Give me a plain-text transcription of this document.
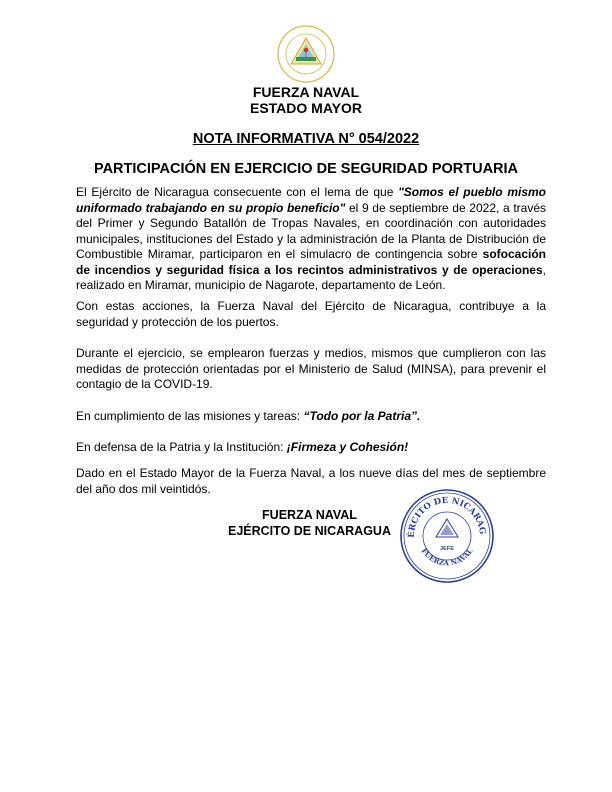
FUERZA NAVAL
ESTADO MAYOR
NOTA INFORMATIVA N° 054/2022
PARTICIPACIÓN EN EJERCICIO DE SEGURIDAD PORTUARIA
El Ejército de Nicaragua consecuente con el lema de que "Somos el pueblo mismo uniformado trabajando en su propio beneficio" el 9 de septiembre de 2022, a través del Primer y Segundo Batallón de Tropas Navales, en coordinación con autoridades municipales, instituciones del Estado y la administración de la Planta de Distribución de Combustible Miramar, participaron en el simulacro de contingencia sobre sofocación de incendios y seguridad física a los recintos administrativos y de operaciones, realizado en Miramar, municipio de Nagarote, departamento de León.
Con estas acciones, la Fuerza Naval del Ejército de Nicaragua, contribuye a la seguridad y protección de los puertos.
Durante el ejercicio, se emplearon fuerzas y medios, mismos que cumplieron con las medidas de protección orientadas por el Ministerio de Salud (MINSA), para prevenir el contagio de la COVID-19.
En cumplimiento de las misiones y tareas: “Todo por la Patria”.
En defensa de la Patria y la Institución: ¡Firmeza y Cohesión!
Dado en el Estado Mayor de la Fuerza Naval, a los nueve días del mes de septiembre del año dos mil veintidós.
FUERZA NAVAL
EJÉRCITO DE NICARAGUA	ÉRCITO DE NICARAG
FUERZA NAVAL
JEFE
